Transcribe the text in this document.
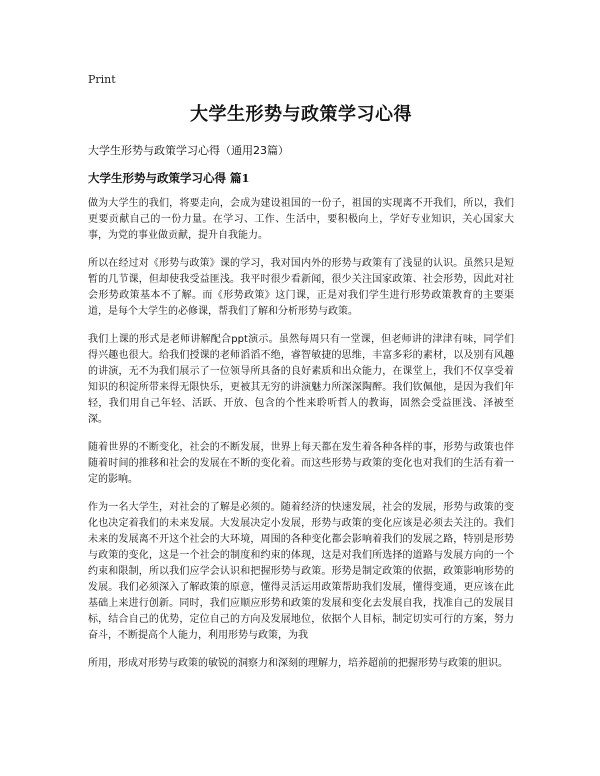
Print
大学生形势与政策学习心得

大学生形势与政策学习心得（通用23篇）

大学生形势与政策学习心得 篇1

做为大学生的我们，将要走向，会成为建设祖国的一份子，祖国的实现离不开我们，所以，我们更要贡献自己的一份力量。在学习、工作、生活中，要积极向上，学好专业知识，关心国家大事，为党的事业做贡献，提升自我能力。

所以在经过对《形势与政策》课的学习，我对国内外的形势与政策有了浅显的认识。虽然只是短暂的几节课，但却使我受益匪浅。我平时很少看新闻，很少关注国家政策、社会形势，因此对社会形势政策基本不了解。而《形势政策》这门课，正是对我们学生进行形势政策教育的主要渠道，是每个大学生的必修课，帮我们了解和分析形势与政策。

我们上课的形式是老师讲解配合ppt演示。虽然每周只有一堂课，但老师讲的津津有味，同学们得兴趣也很大。给我们授课的老师滔滔不绝，睿智敏捷的思维，丰富多彩的素材，以及别有风趣的讲演，无不为我们展示了一位领导所具备的良好素质和出众能力，在课堂上，我们不仅享受着知识的积淀所带来得无限快乐，更被其无穷的讲演魅力所深深陶醉。我们钦佩他，是因为我们年轻，我们用自己年轻、活跃、开放、包含的个性来聆听哲人的教诲，固然会受益匪浅、泽被至深。

随着世界的不断变化，社会的不断发展，世界上每天都在发生着各种各样的事，形势与政策也伴随着时间的推移和社会的发展在不断的变化着。而这些形势与政策的变化也对我们的生活有着一定的影响。

作为一名大学生，对社会的了解是必须的。随着经济的快速发展，社会的发展，形势与政策的变化也决定着我们的未来发展。大发展决定小发展，形势与政策的变化应该是必须去关注的。我们未来的发展离不开这个社会的大环境，周围的各种变化都会影响着我们的发展之路，特别是形势与政策的变化，这是一个社会的制度和约束的体现，这是对我们所选择的道路与发展方向的一个约束和限制，所以我们应学会认识和把握形势与政策。形势是制定政策的依据，政策影响形势的发展。我们必须深入了解政策的原意，懂得灵活运用政策帮助我们发展，懂得变通，更应该在此基础上来进行创新。同时，我们应顺应形势和政策的发展和变化去发展自我，找准自己的发展目标，结合自己的优势，定位自己的方向及发展地位，依据个人目标，制定切实可行的方案，努力奋斗，不断提高个人能力，利用形势与政策，为我

所用，形成对形势与政策的敏锐的洞察力和深刻的理解力，培养超前的把握形势与政策的胆识。
